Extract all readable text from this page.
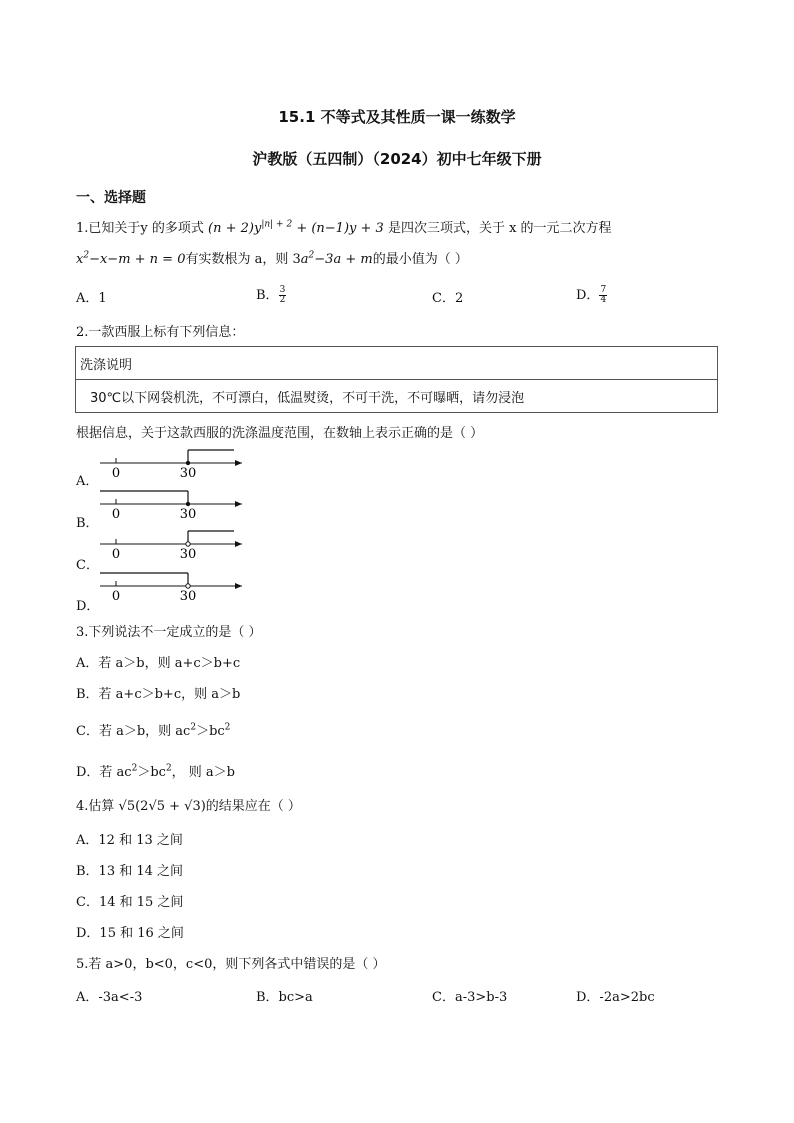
15.1 不等式及其性质一课一练数学
沪教版（五四制）（2024）初中七年级下册
一、选择题
1.已知关于y 的多项式 $(n + 2)y^{|n| + 2} + (n-1)y + 3$ 是四次三项式，关于 x 的一元二次方程
$x^2-x-m + n = 0$有实数根为 a，则 $3a^2-3a + m$的最小值为（ ）
A．1	B． $\frac{3}{2}$	C．2	D． $\frac{7}{4}$
2.一款西服上标有下列信息：
洗涤说明
30℃以下网袋机洗，不可漂白，低温熨烫，不可干洗，不可曝晒，请勿浸泡
根据信息，关于这款西服的洗涤温度范围，在数轴上表示正确的是（ ）
A．
0	30
B．
0	30
C．
0	30
D．
0	30
3.下列说法不一定成立的是（ ）
A．若 a＞b，则 a+c＞b+c
B．若 a+c＞b+c，则 a＞b
C．若 a＞b，则 $ac^2>bc^2$
D．若 $ac^2>bc^2$， 则 a＞b
4.估算 √5(2√5 + √3)的结果应在（ ）
A．12 和 13 之间
B．13 和 14 之间
C．14 和 15 之间
D．15 和 16 之间
5.若 a>0，b<0，c<0，则下列各式中错误的是（ ）
A．-3a<-3	B．bc>a	C．a-3>b-3	D．-2a>2bc
